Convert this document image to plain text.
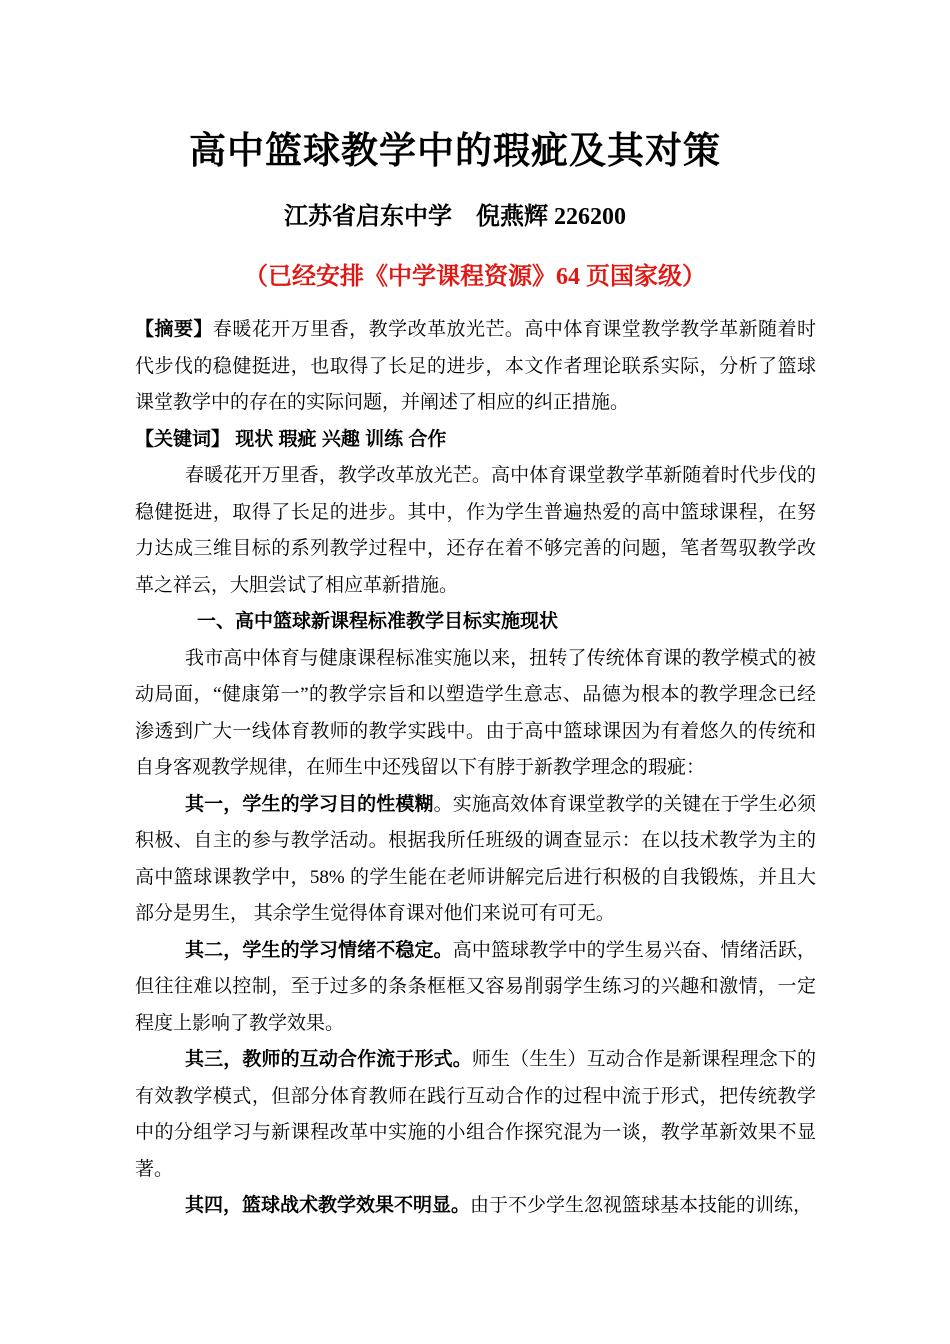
高中篮球教学中的瑕疵及其对策
江苏省启东中学　倪燕辉 226200
（已经安排《中学课程资源》64 页国家级）

【摘要】春暖花开万里香，教学改革放光芒。高中体育课堂教学教学革新随着时代步伐的稳健挺进，也取得了长足的进步，本文作者理论联系实际，分析了篮球课堂教学中的存在的实际问题，并阐述了相应的纠正措施。

【关键词】 现状 瑕疵 兴趣 训练 合作

春暖花开万里香，教学改革放光芒。高中体育课堂教学革新随着时代步伐的稳健挺进，取得了长足的进步。其中，作为学生普遍热爱的高中篮球课程，在努力达成三维目标的系列教学过程中，还存在着不够完善的问题，笔者驾驭教学改革之祥云，大胆尝试了相应革新措施。

一、高中篮球新课程标准教学目标实施现状

我市高中体育与健康课程标准实施以来，扭转了传统体育课的教学模式的被动局面，“健康第一”的教学宗旨和以塑造学生意志、品德为根本的教学理念已经渗透到广大一线体育教师的教学实践中。由于高中篮球课因为有着悠久的传统和自身客观教学规律，在师生中还残留以下有脖于新教学理念的瑕疵：

其一，学生的学习目的性模糊。实施高效体育课堂教学的关键在于学生必须积极、自主的参与教学活动。根据我所任班级的调查显示：在以技术教学为主的高中篮球课教学中，58% 的学生能在老师讲解完后进行积极的自我锻炼，并且大部分是男生， 其余学生觉得体育课对他们来说可有可无。

其二，学生的学习情绪不稳定。高中篮球教学中的学生易兴奋、情绪活跃，但往往难以控制，至于过多的条条框框又容易削弱学生练习的兴趣和激情，一定程度上影响了教学效果。

其三，教师的互动合作流于形式。师生（生生）互动合作是新课程理念下的有效教学模式，但部分体育教师在践行互动合作的过程中流于形式，把传统教学中的分组学习与新课程改革中实施的小组合作探究混为一谈，教学革新效果不显著。

其四，篮球战术教学效果不明显。由于不少学生忽视篮球基本技能的训练，
